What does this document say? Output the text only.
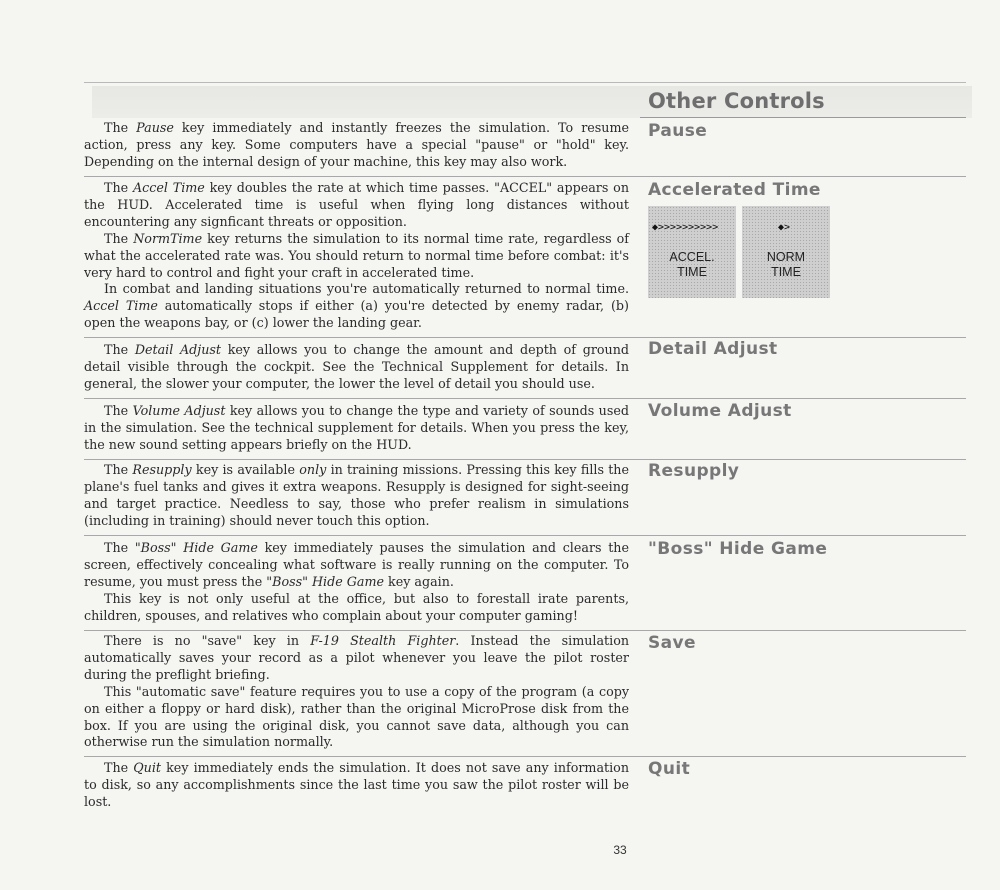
Other Controls

The Pause key immediately and instantly freezes the simulation. To resume action, press any key. Some computers have a special "pause" or "hold" key. Depending on the internal design of your machine, this key may also work.

Pause

The Accel Time key doubles the rate at which time passes. "ACCEL" appears on the HUD. Accelerated time is useful when flying long distances without encountering any signficant threats or opposition.

The NormTime key returns the simulation to its normal time rate, regardless of what the accelerated rate was. You should return to normal time before combat: it's very hard to control and fight your craft in accelerated time.

In combat and landing situations you're automatically returned to normal time. Accel Time automatically stops if either (a) you're detected by enemy radar, (b) open the weapons bay, or (c) lower the landing gear.

Accelerated Time

The Detail Adjust key allows you to change the amount and depth of ground detail visible through the cockpit. See the Technical Supplement for details. In general, the slower your computer, the lower the level of detail you should use.

Detail Adjust

The Volume Adjust key allows you to change the type and variety of sounds used in the simulation. See the technical supplement for details. When you press the key, the new sound setting appears briefly on the HUD.

Volume Adjust

The Resupply key is available only in training missions. Pressing this key fills the plane's fuel tanks and gives it extra weapons. Resupply is designed for sight-seeing and target practice. Needless to say, those who prefer realism in simulations (including in training) should never touch this option.

Resupply

The "Boss" Hide Game key immediately pauses the simulation and clears the screen, effectively concealing what software is really running on the computer. To resume, you must press the "Boss" Hide Game key again.

This key is not only useful at the office, but also to forestall irate parents, children, spouses, and relatives who complain about your computer gaming!

"Boss" Hide Game

There is no "save" key in F-19 Stealth Fighter. Instead the simulation automatically saves your record as a pilot whenever you leave the pilot roster during the preflight briefing.

This "automatic save" feature requires you to use a copy of the program (a copy on either a floppy or hard disk), rather than the original MicroProse disk from the box. If you are using the original disk, you cannot save data, although you can otherwise run the simulation normally.

Save

The Quit key immediately ends the simulation. It does not save any information to disk, so any accomplishments since the last time you saw the pilot roster will be lost.

Quit
◆>>>>>>>>>>
ACCEL.
TIME
◆>
NORM
TIME
33
